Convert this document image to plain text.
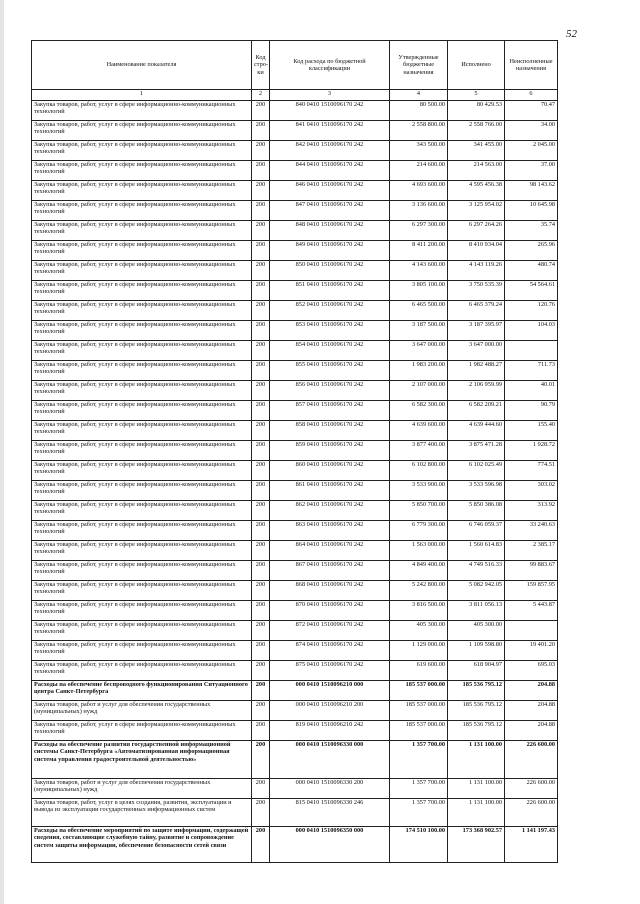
52
Наименование показателя	Код стро-ки	Код расхода по бюджетной классификации	Утвержденные бюджетные назначения	Исполнено	Неисполненные назначения
1	2	3	4	5	6
Закупка товаров, работ, услуг в сфере информационно-коммуникационных технологий	200	840 0410 1510096170 242	80 500.00	80 429.53	70.47
Закупка товаров, работ, услуг в сфере информационно-коммуникационных технологий	200	841 0410 1510096170 242	2 558 800.00	2 558 766.00	34.00
Закупка товаров, работ, услуг в сфере информационно-коммуникационных технологий	200	842 0410 1510096170 242	343 500.00	341 455.00	2 045.00
Закупка товаров, работ, услуг в сфере информационно-коммуникационных технологий	200	844 0410 1510096170 242	214 600.00	214 563.00	37.00
Закупка товаров, работ, услуг в сфере информационно-коммуникационных технологий	200	846 0410 1510096170 242	4 693 600.00	4 595 456.38	98 143.62
Закупка товаров, работ, услуг в сфере информационно-коммуникационных технологий	200	847 0410 1510096170 242	3 136 600.00	3 125 954.02	10 645.98
Закупка товаров, работ, услуг в сфере информационно-коммуникационных технологий	200	848 0410 1510096170 242	6 297 300.00	6 297 264.26	35.74
Закупка товаров, работ, услуг в сфере информационно-коммуникационных технологий	200	849 0410 1510096170 242	8 411 200.00	8 410 934.04	265.96
Закупка товаров, работ, услуг в сфере информационно-коммуникационных технологий	200	850 0410 1510096170 242	4 143 600.00	4 143 119.26	480.74
Закупка товаров, работ, услуг в сфере информационно-коммуникационных технологий	200	851 0410 1510096170 242	3 805 100.00	3 750 535.39	54 564.61
Закупка товаров, работ, услуг в сфере информационно-коммуникационных технологий	200	852 0410 1510096170 242	6 465 500.00	6 465 379.24	120.76
Закупка товаров, работ, услуг в сфере информационно-коммуникационных технологий	200	853 0410 1510096170 242	3 187 500.00	3 187 395.97	104.03
Закупка товаров, работ, услуг в сфере информационно-коммуникационных технологий	200	854 0410 1510096170 242	3 647 000.00	3 647 000.00	
Закупка товаров, работ, услуг в сфере информационно-коммуникационных технологий	200	855 0410 1510096170 242	1 983 200.00	1 982 488.27	711.73
Закупка товаров, работ, услуг в сфере информационно-коммуникационных технологий	200	856 0410 1510096170 242	2 107 000.00	2 106 959.99	40.01
Закупка товаров, работ, услуг в сфере информационно-коммуникационных технологий	200	857 0410 1510096170 242	6 582 300.00	6 582 209.21	90.79
Закупка товаров, работ, услуг в сфере информационно-коммуникационных технологий	200	858 0410 1510096170 242	4 639 600.00	4 639 444.60	155.40
Закупка товаров, работ, услуг в сфере информационно-коммуникационных технологий	200	859 0410 1510096170 242	3 877 400.00	3 875 471.28	1 928.72
Закупка товаров, работ, услуг в сфере информационно-коммуникационных технологий	200	860 0410 1510096170 242	6 102 800.00	6 102 025.49	774.51
Закупка товаров, работ, услуг в сфере информационно-коммуникационных технологий	200	861 0410 1510096170 242	3 533 900.00	3 533 596.98	303.02
Закупка товаров, работ, услуг в сфере информационно-коммуникационных технологий	200	862 0410 1510096170 242	5 850 700.00	5 850 386.08	313.92
Закупка товаров, работ, услуг в сфере информационно-коммуникационных технологий	200	863 0410 1510096170 242	6 779 300.00	6 746 059.37	33 240.63
Закупка товаров, работ, услуг в сфере информационно-коммуникационных технологий	200	864 0410 1510096170 242	1 563 000.00	1 560 614.83	2 385.17
Закупка товаров, работ, услуг в сфере информационно-коммуникационных технологий	200	867 0410 1510096170 242	4 849 400.00	4 749 516.33	99 883.67
Закупка товаров, работ, услуг в сфере информационно-коммуникационных технологий	200	868 0410 1510096170 242	5 242 800.00	5 082 942.05	159 857.95
Закупка товаров, работ, услуг в сфере информационно-коммуникационных технологий	200	870 0410 1510096170 242	3 816 500.00	3 811 056.13	5 443.87
Закупка товаров, работ, услуг в сфере информационно-коммуникационных технологий	200	872 0410 1510096170 242	405 300.00	405 300.00	
Закупка товаров, работ, услуг в сфере информационно-коммуникационных технологий	200	874 0410 1510096170 242	1 129 000.00	1 109 598.80	19 401.20
Закупка товаров, работ, услуг в сфере информационно-коммуникационных технологий	200	875 0410 1510096170 242	619 600.00	618 904.97	695.03
Расходы на обеспечение беспроводного функционирования Ситуационного центра Санкт-Петербурга	200	000 0410 1510096210 000	185 537 000.00	185 536 795.12	204.88
Закупка товаров, работ и услуг для обеспечения государственных (муниципальных) нужд	200	000 0410 1510096210 200	185 537 000.00	185 536 795.12	204.88
Закупка товаров, работ, услуг в сфере информационно-коммуникационных технологий	200	819 0410 1510096210 242	185 537 000.00	185 536 795.12	204.88
Расходы на обеспечение развития государственной информационной системы Санкт-Петербурга «Автоматизированная информационная система управления градостроительной деятельностью»	200	000 0410 1510096330 000	1 357 700.00	1 131 100.00	226 600.00
Закупка товаров, работ и услуг для обеспечения государственных (муниципальных) нужд	200	000 0410 1510096330 200	1 357 700.00	1 131 100.00	226 600.00
Закупка товаров, работ, услуг в целях создания, развития, эксплуатации и вывода из эксплуатации государственных информационных систем	200	815 0410 1510096330 246	1 357 700.00	1 131 100.00	226 600.00
Расходы на обеспечение мероприятий по защите информации, содержащей сведения, составляющие служебную тайну, развитие и сопровождение систем защиты информации, обеспечение безопасности сетей связи	200	000 0410 1510096350 000	174 510 100.00	173 368 902.57	1 141 197.43
